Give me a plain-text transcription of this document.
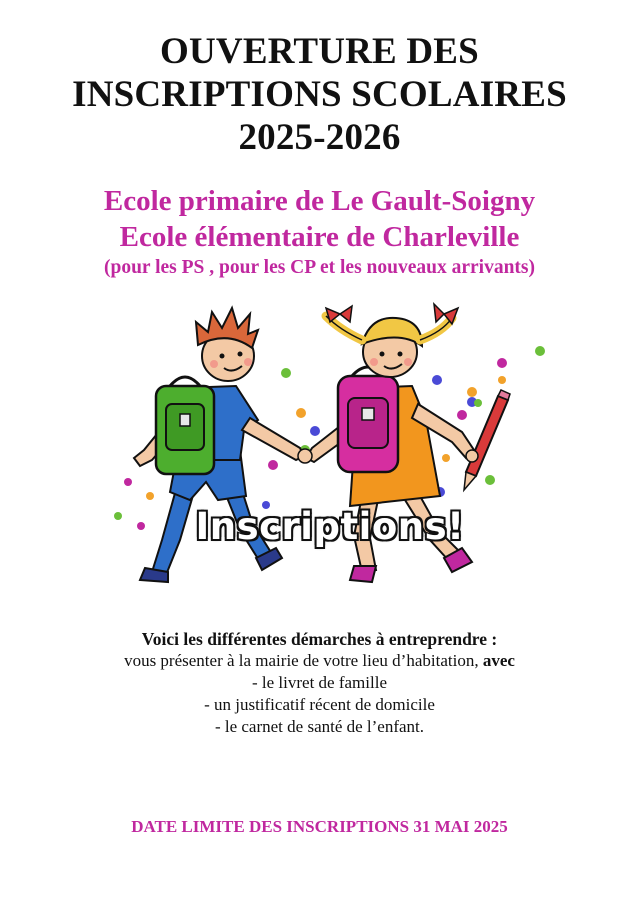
OUVERTURE DES
INSCRIPTIONS SCOLAIRES
2025-2026
Ecole primaire de Le Gault-Soigny
Ecole élémentaire de Charleville
(pour les PS , pour les CP et les nouveaux arrivants)
Inscriptions!
Voici les différentes démarches à entreprendre :
vous présenter à la mairie de votre lieu d’habitation, avec
- le livret de famille
- un justificatif récent de domicile
- le carnet de santé de l’enfant.
DATE LIMITE DES INSCRIPTIONS 31 MAI 2025
